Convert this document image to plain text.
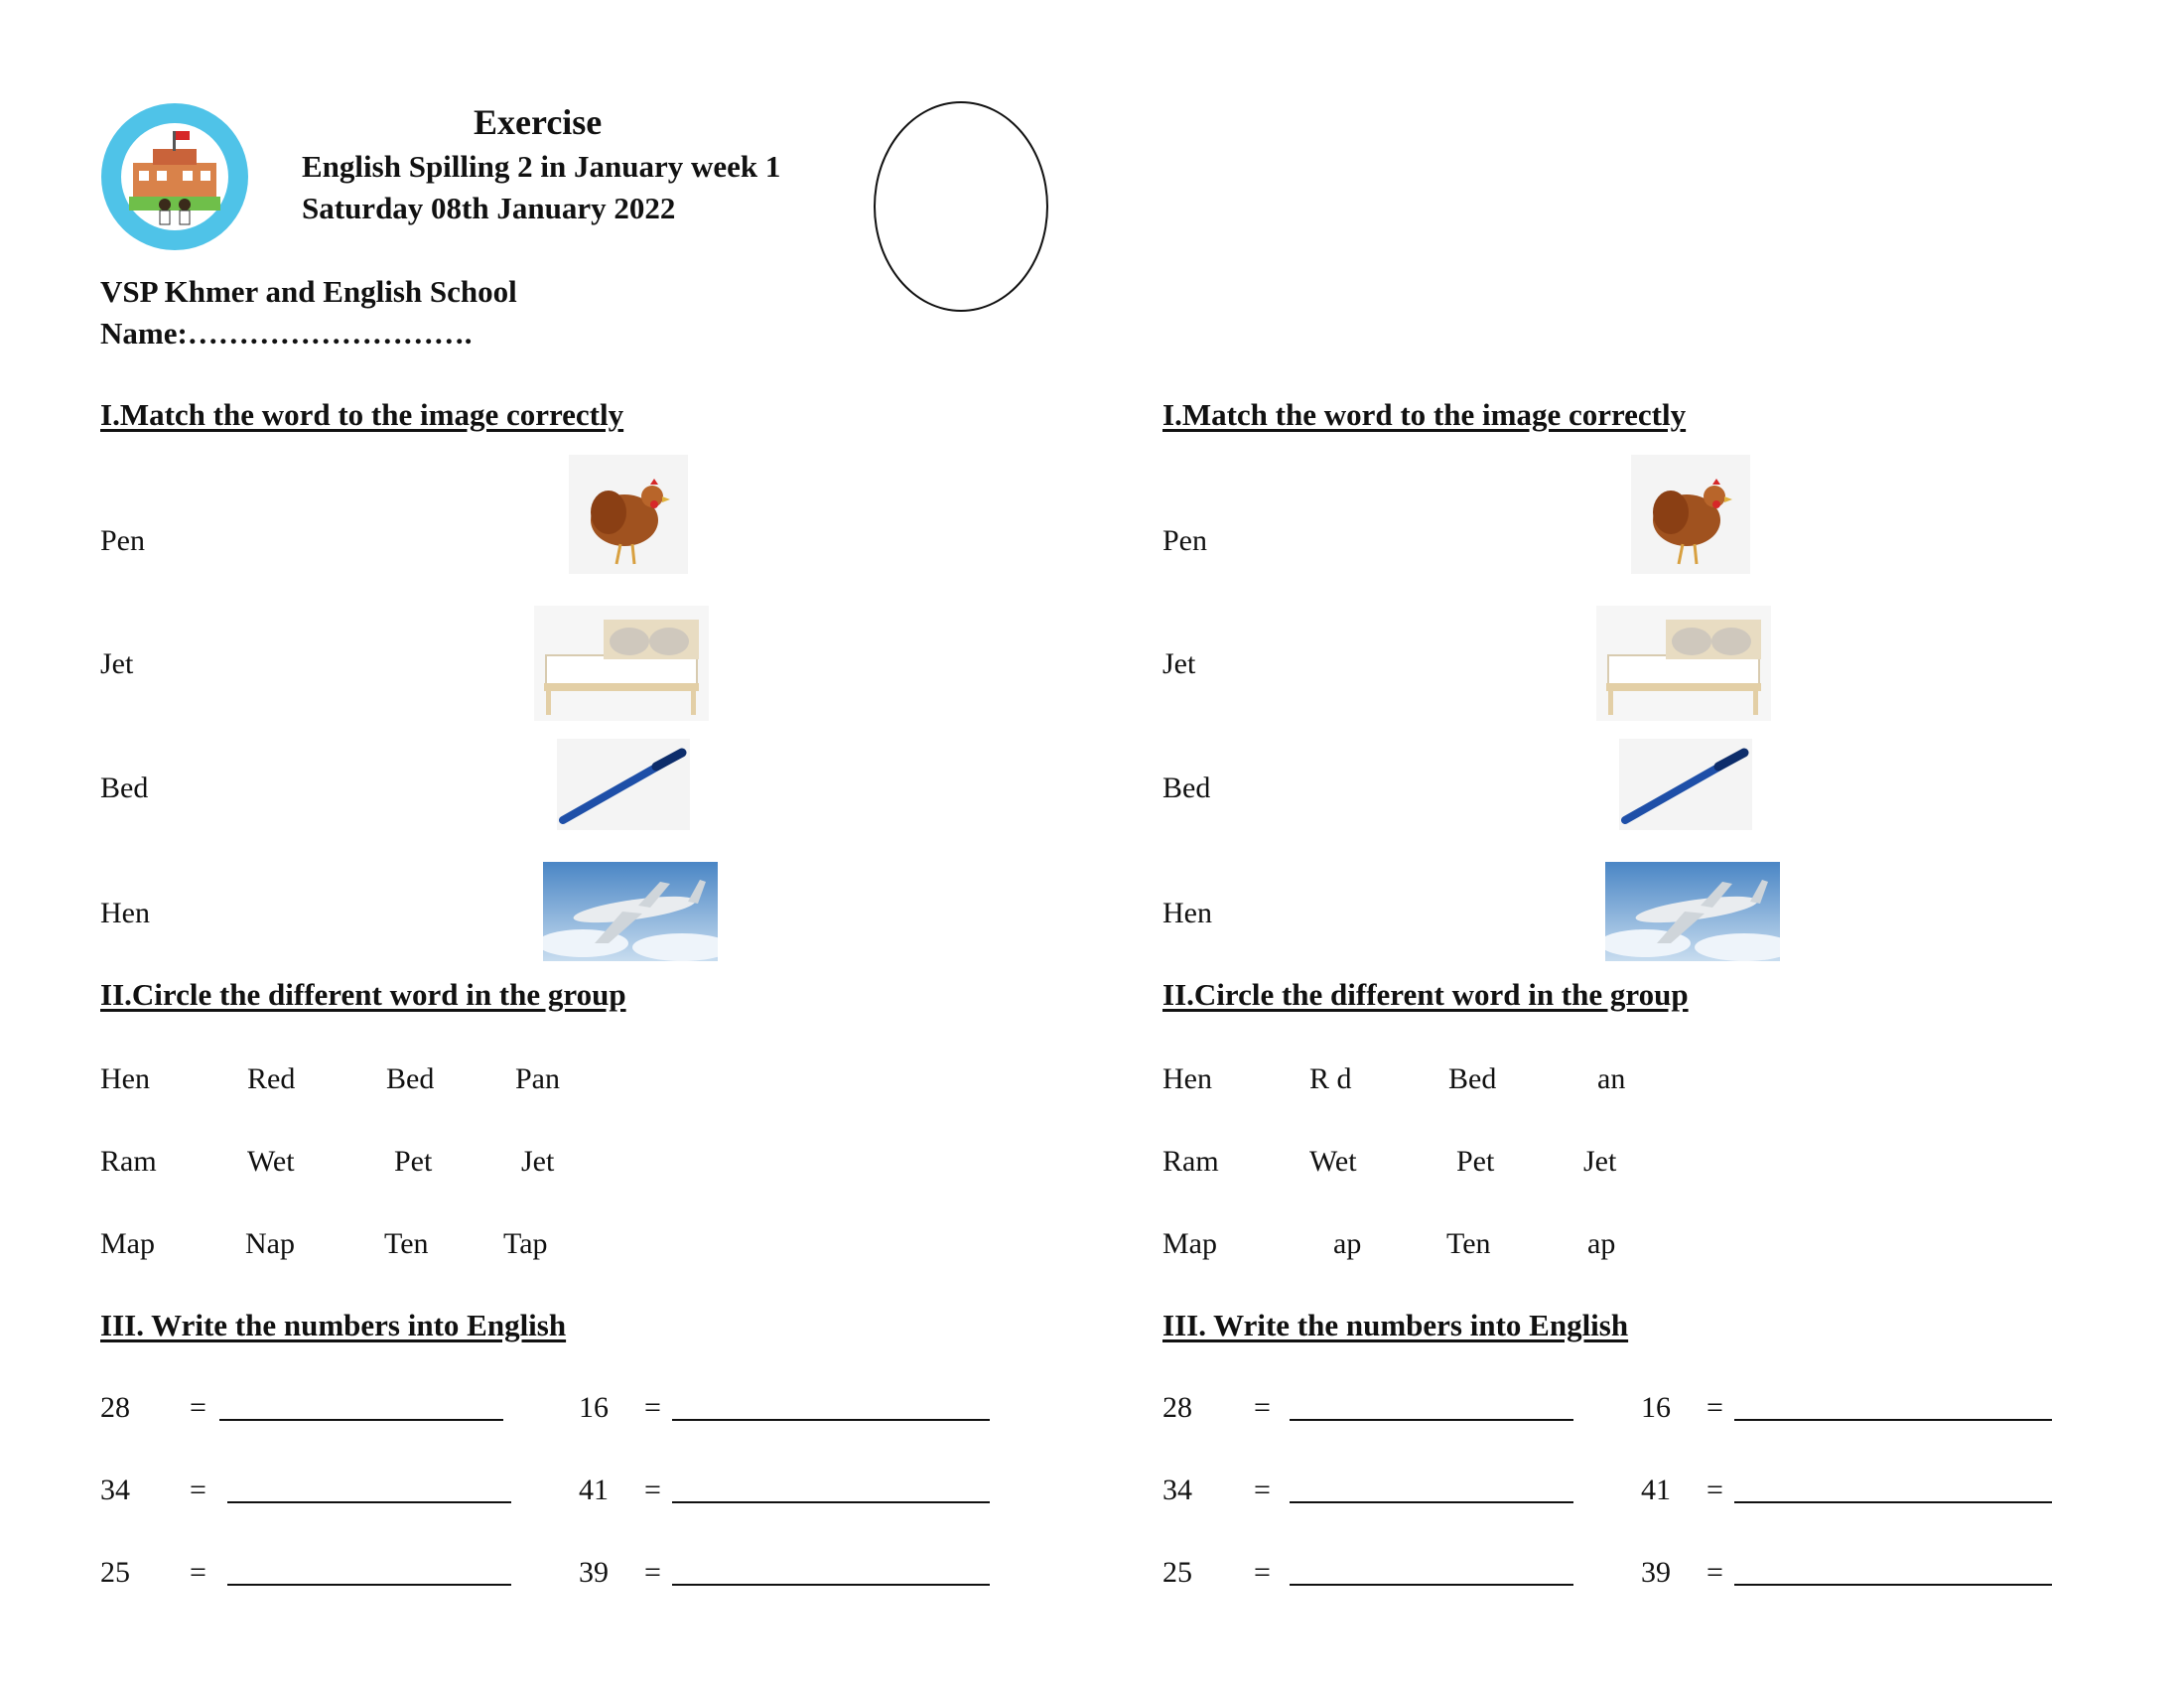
Exercise
English Spilling 2 in January week 1
Saturday 08th January 2022
VSP Khmer and English School
Name:……………………….
I.Match the word to the image correctly
Pen
Jet
Bed
Hen
II.Circle the different word in the group
Hen	Red	Bed	Pan
Ram	Wet	Pet	Jet
Map	Nap	Ten	Tap
III. Write the numbers into English
28 =	16 =
34 =	41 =
25 =	39 =
I.Match the word to the image correctly
Pen
Jet
Bed
Hen
II.Circle the different word in the group
Hen	R d	Bed	an
Ram	Wet	Pet	Jet
Map	ap	Ten	ap
III. Write the numbers into English
28 =	16 =
34 =	41 =
25 =	39 =
